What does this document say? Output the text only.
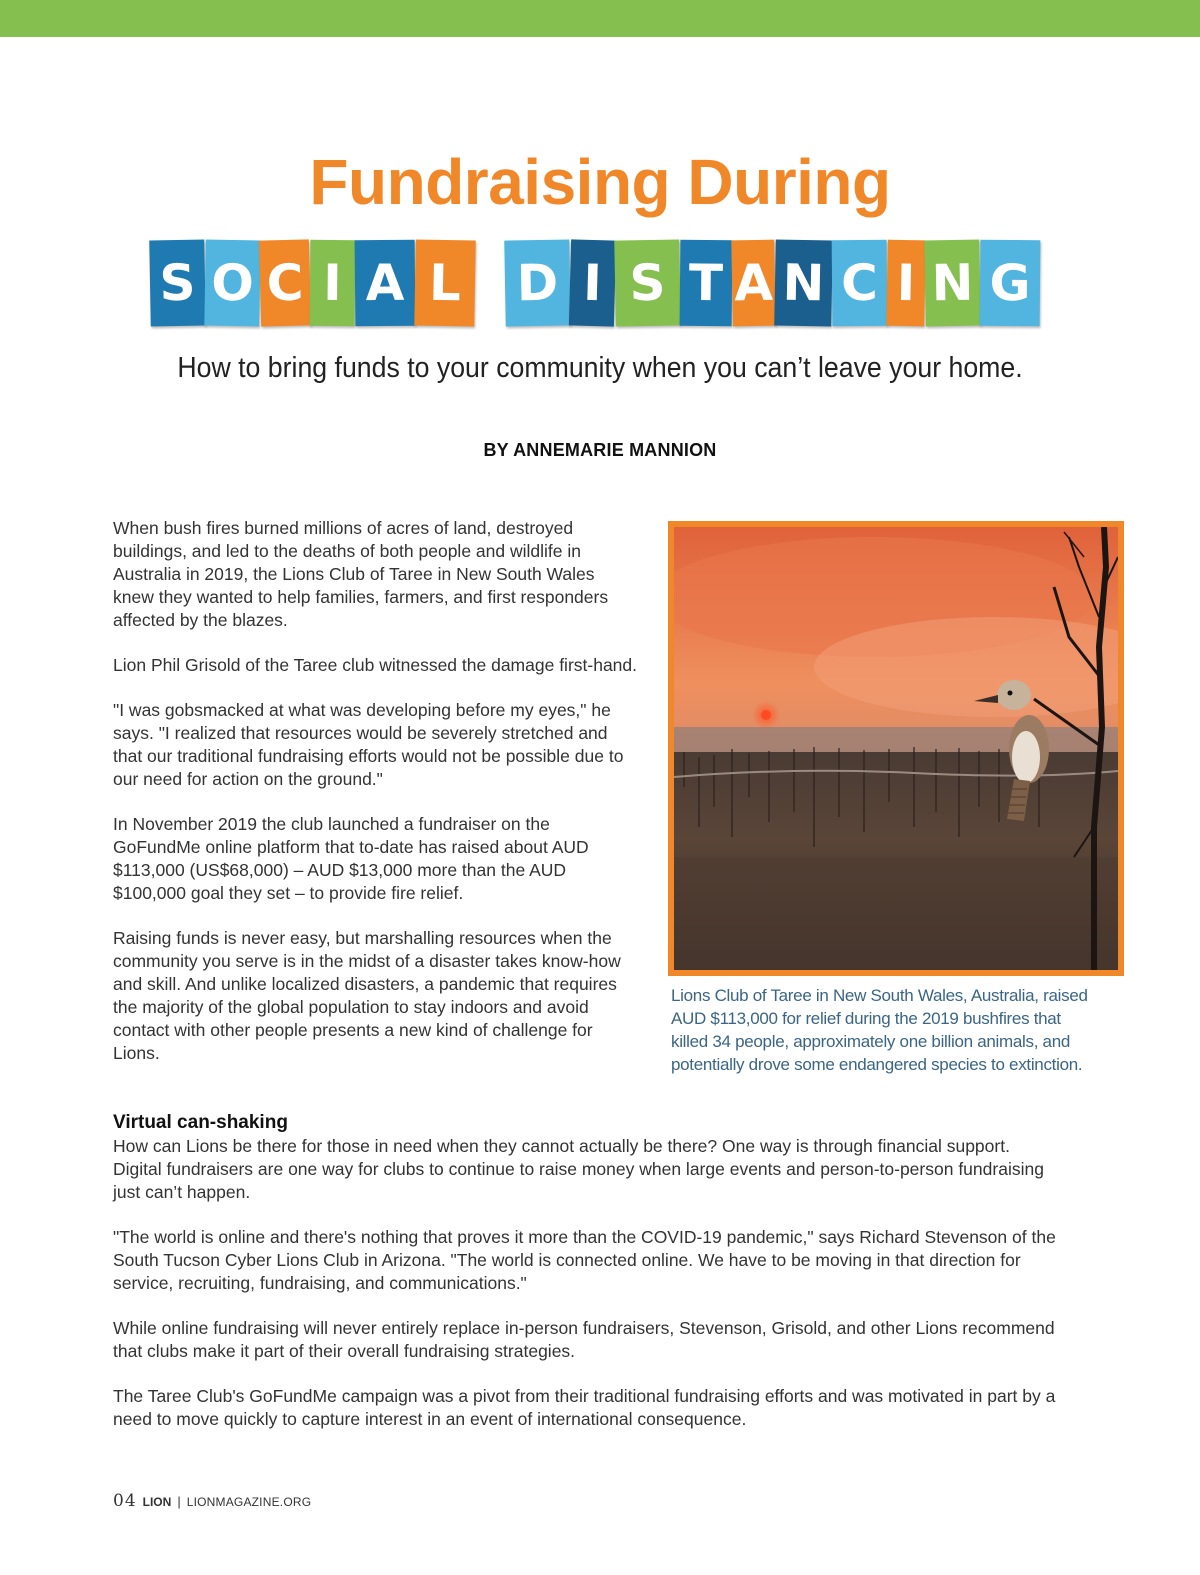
Fundraising During
S O C I A L D I S T A N C I N G
How to bring funds to your community when you can’t leave your home.
BY ANNEMARIE MANNION

When bush fires burned millions of acres of land, destroyed buildings, and led to the deaths of both people and wildlife in Australia in 2019, the Lions Club of Taree in New South Wales knew they wanted to help families, farmers, and first responders affected by the blazes.

Lion Phil Grisold of the Taree club witnessed the damage first-hand.

"I was gobsmacked at what was developing before my eyes," he says. "I realized that resources would be severely stretched and that our traditional fundraising efforts would not be possible due to our need for action on the ground."

In November 2019 the club launched a fundraiser on the GoFundMe online platform that to-date has raised about AUD $113,000 (US$68,000) – AUD $13,000 more than the AUD $100,000 goal they set – to provide fire relief.

Raising funds is never easy, but marshalling resources when the community you serve is in the midst of a disaster takes know-how and skill. And unlike localized disasters, a pandemic that requires the majority of the global population to stay indoors and avoid contact with other people presents a new kind of challenge for Lions.

Lions Club of Taree in New South Wales, Australia, raised AUD $113,000 for relief during the 2019 bushfires that killed 34 people, approximately one billion animals, and potentially drove some endangered species to extinction.
Virtual can-shaking

How can Lions be there for those in need when they cannot actually be there? One way is through financial support. Digital fundraisers are one way for clubs to continue to raise money when large events and person-to-person fundraising just can’t happen.

"The world is online and there's nothing that proves it more than the COVID-19 pandemic," says Richard Stevenson of the South Tucson Cyber Lions Club in Arizona. "The world is connected online. We have to be moving in that direction for service, recruiting, fundraising, and communications."

While online fundraising will never entirely replace in-person fundraisers, Stevenson, Grisold, and other Lions recommend that clubs make it part of their overall fundraising strategies.

The Taree Club's GoFundMe campaign was a pivot from their traditional fundraising efforts and was motivated in part by a need to move quickly to capture interest in an event of international consequence.

04 LION | LIONMAGAZINE.ORG
